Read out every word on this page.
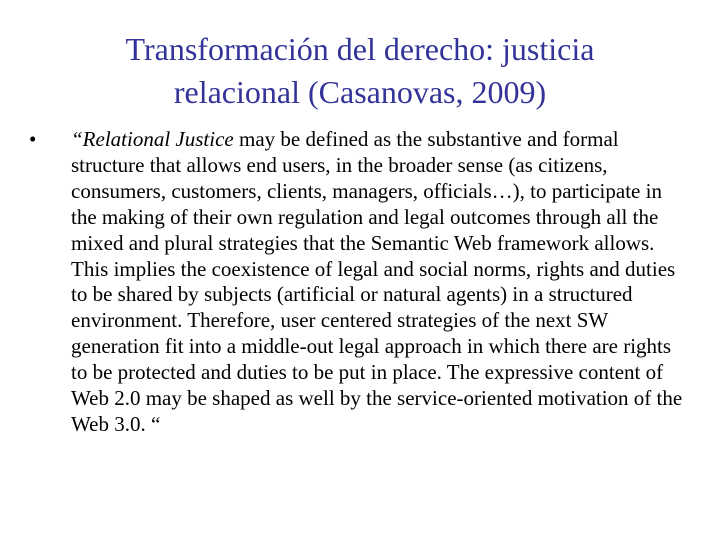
Transformación del derecho: justicia relacional (Casanovas, 2009)
•	“Relational Justice may be defined as the substantive and formal structure that allows end users, in the broader sense (as citizens, consumers, customers, clients, managers, officials…), to participate in the making of their own regulation and legal outcomes through all the mixed and plural strategies that the Semantic Web framework allows. This implies the coexistence of legal and social norms, rights and duties to be shared by subjects (artificial or natural agents) in a structured environment. Therefore, user centered strategies of the next SW generation fit into a middle-out legal approach in which there are rights to be protected and duties to be put in place. The expressive content of Web 2.0 may be shaped as well by the service-oriented motivation of the Web 3.0. “
